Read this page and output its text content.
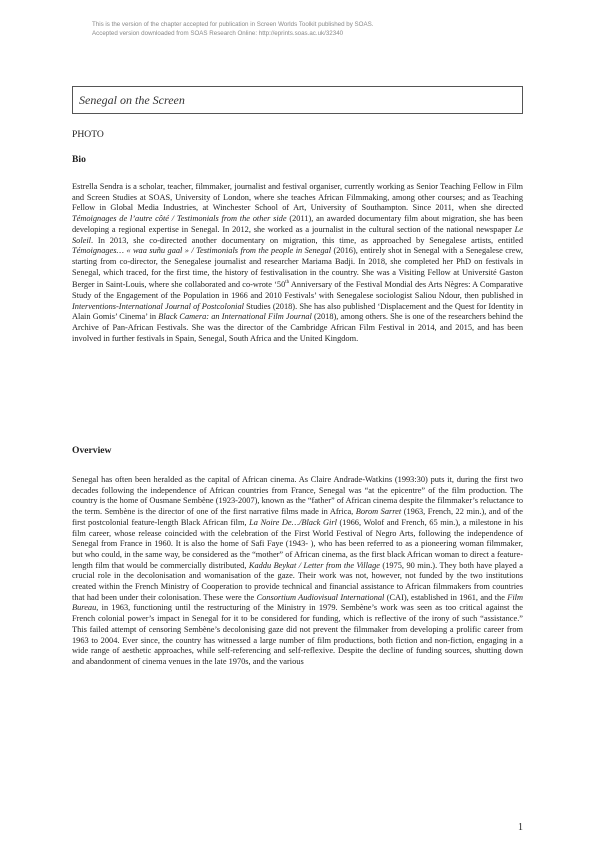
This is the version of the chapter accepted for publication in Screen Worlds Toolkit published by SOAS.
Accepted version downloaded from SOAS Research Online: http://eprints.soas.ac.uk/32340
Senegal on the Screen
PHOTO
Bio
Estrella Sendra is a scholar, teacher, filmmaker, journalist and festival organiser, currently working as Senior Teaching Fellow in Film and Screen Studies at SOAS, University of London, where she teaches African Filmmaking, among other courses; and as Teaching Fellow in Global Media Industries, at Winchester School of Art, University of Southampton. Since 2011, when she directed Témoignages de l’autre côté / Testimonials from the other side (2011), an awarded documentary film about migration, she has been developing a regional expertise in Senegal. In 2012, she worked as a journalist in the cultural section of the national newspaper Le Soleil. In 2013, she co-directed another documentary on migration, this time, as approached by Senegalese artists, entitled Témoignages… « waa suñu gaal » / Testimonials from the people in Senegal (2016), entirely shot in Senegal with a Senegalese crew, starting from co-director, the Senegalese journalist and researcher Mariama Badji. In 2018, she completed her PhD on festivals in Senegal, which traced, for the first time, the history of festivalisation in the country. She was a Visiting Fellow at Université Gaston Berger in Saint-Louis, where she collaborated and co-wrote ‘50th Anniversary of the Festival Mondial des Arts Nègres: A Comparative Study of the Engagement of the Population in 1966 and 2010 Festivals’ with Senegalese sociologist Saliou Ndour, then published in Interventions-International Journal of Postcolonial Studies (2018). She has also published ‘Displacement and the Quest for Identity in Alain Gomis’ Cinema’ in Black Camera: an International Film Journal (2018), among others. She is one of the researchers behind the Archive of Pan-African Festivals. She was the director of the Cambridge African Film Festival in 2014, and 2015, and has been involved in further festivals in Spain, Senegal, South Africa and the United Kingdom.
Overview
Senegal has often been heralded as the capital of African cinema. As Claire Andrade-Watkins (1993:30) puts it, during the first two decades following the independence of African countries from France, Senegal was “at the epicentre” of the film production. The country is the home of Ousmane Sembène (1923-2007), known as the “father” of African cinema despite the filmmaker’s reluctance to the term. Sembène is the director of one of the first narrative films made in Africa, Borom Sarret (1963, French, 22 min.), and of the first postcolonial feature-length Black African film, La Noire De…/Black Girl (1966, Wolof and French, 65 min.), a milestone in his film career, whose release coincided with the celebration of the First World Festival of Negro Arts, following the independence of Senegal from France in 1960. It is also the home of Safi Faye (1943- ), who has been referred to as a pioneering woman filmmaker, but who could, in the same way, be considered as the “mother” of African cinema, as the first black African woman to direct a feature-length film that would be commercially distributed, Kaddu Beykat / Letter from the Village (1975, 90 min.). They both have played a crucial role in the decolonisation and womanisation of the gaze. Their work was not, however, not funded by the two institutions created within the French Ministry of Cooperation to provide technical and financial assistance to African filmmakers from countries that had been under their colonisation. These were the Consortium Audiovisual International (CAI), established in 1961, and the Film Bureau, in 1963, functioning until the restructuring of the Ministry in 1979. Sembène’s work was seen as too critical against the French colonial power’s impact in Senegal for it to be considered for funding, which is reflective of the irony of such “assistance.” This failed attempt of censoring Sembène’s decolonising gaze did not prevent the filmmaker from developing a prolific career from 1963 to 2004. Ever since, the country has witnessed a large number of film productions, both fiction and non-fiction, engaging in a wide range of aesthetic approaches, while self-referencing and self-reflexive. Despite the decline of funding sources, shutting down and abandonment of cinema venues in the late 1970s, and the various
1
